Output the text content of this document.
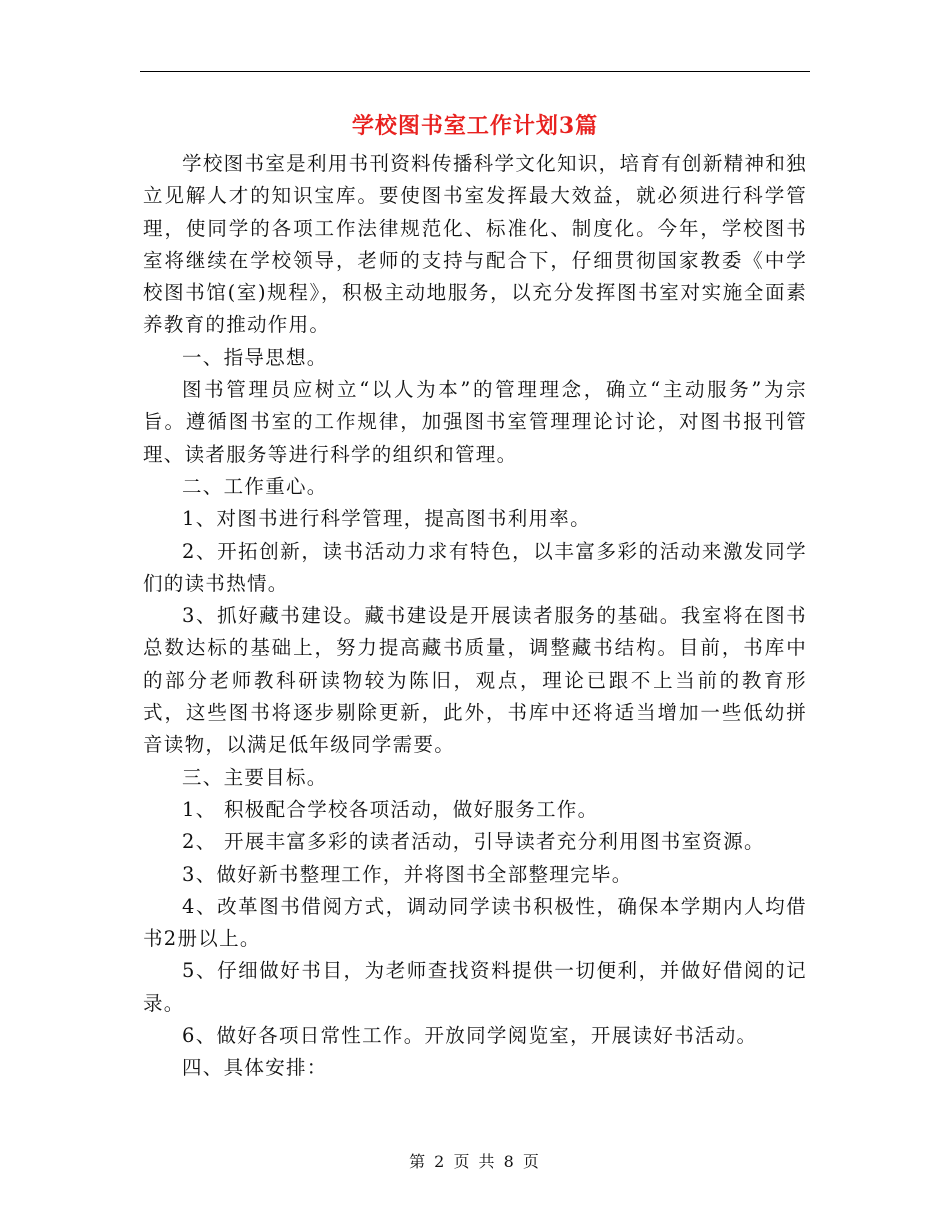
学校图书室工作计划3篇

学校图书室是利用书刊资料传播科学文化知识，培育有创新精神和独立见解人才的知识宝库。要使图书室发挥最大效益，就必须进行科学管理，使同学的各项工作法律规范化、标准化、制度化。今年，学校图书室将继续在学校领导，老师的支持与配合下，仔细贯彻国家教委《中学校图书馆(室)规程》，积极主动地服务，以充分发挥图书室对实施全面素养教育的推动作用。

一、指导思想。

图书管理员应树立“以人为本”的管理理念，确立“主动服务”为宗旨。遵循图书室的工作规律，加强图书室管理理论讨论，对图书报刊管理、读者服务等进行科学的组织和管理。

二、工作重心。

1、对图书进行科学管理，提高图书利用率。

2、开拓创新，读书活动力求有特色，以丰富多彩的活动来激发同学们的读书热情。

3、抓好藏书建设。藏书建设是开展读者服务的基础。我室将在图书总数达标的基础上，努力提高藏书质量，调整藏书结构。目前，书库中的部分老师教科研读物较为陈旧，观点，理论已跟不上当前的教育形式，这些图书将逐步剔除更新，此外，书库中还将适当增加一些低幼拼音读物，以满足低年级同学需要。

三、主要目标。

1、 积极配合学校各项活动，做好服务工作。

2、 开展丰富多彩的读者活动，引导读者充分利用图书室资源。

3、做好新书整理工作，并将图书全部整理完毕。

4、改革图书借阅方式，调动同学读书积极性，确保本学期内人均借书2册以上。

5、仔细做好书目，为老师查找资料提供一切便利，并做好借阅的记录。

6、做好各项日常性工作。开放同学阅览室，开展读好书活动。

四、具体安排：

第 2 页 共 8 页
